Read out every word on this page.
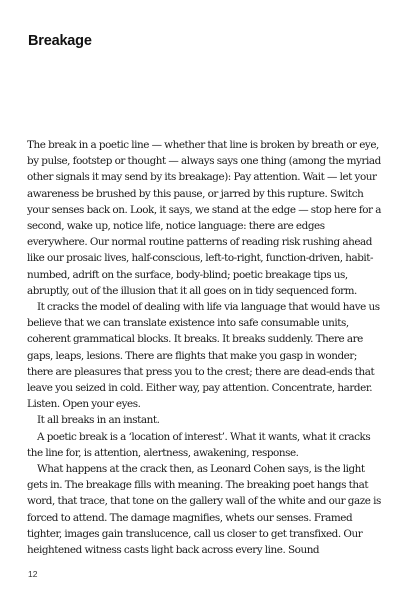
Breakage

The break in a poetic line — whether that line is broken by breath or eye, by pulse, footstep or thought — always says one thing (among the myriad other signals it may send by its breakage): Pay attention. Wait — let your awareness be brushed by this pause, or jarred by this rupture. Switch your senses back on. Look, it says, we stand at the edge — stop here for a second, wake up, notice life, notice language: there are edges everywhere. Our normal routine patterns of reading risk rushing ahead like our prosaic lives, half-conscious, left-to-right, function-driven, habit-numbed, adrift on the surface, body-blind; poetic breakage tips us, abruptly, out of the illusion that it all goes on in tidy sequenced form.

It cracks the model of dealing with life via language that would have us believe that we can translate existence into safe consumable units, coherent grammatical blocks. It breaks. It breaks suddenly. There are gaps, leaps, lesions. There are flights that make you gasp in wonder; there are pleasures that press you to the crest; there are dead-ends that leave you seized in cold. Either way, pay attention. Concentrate, harder. Listen. Open your eyes.

It all breaks in an instant.

A poetic break is a ‘location of interest’. What it wants, what it cracks the line for, is attention, alertness, awakening, response.

What happens at the crack then, as Leonard Cohen says, is the light gets in. The breakage fills with meaning. The breaking poet hangs that word, that trace, that tone on the gallery wall of the white and our gaze is forced to attend. The damage magnifies, whets our senses. Framed tighter, images gain translucence, call us closer to get transfixed. Our heightened witness casts light back across every line. Sound

12
